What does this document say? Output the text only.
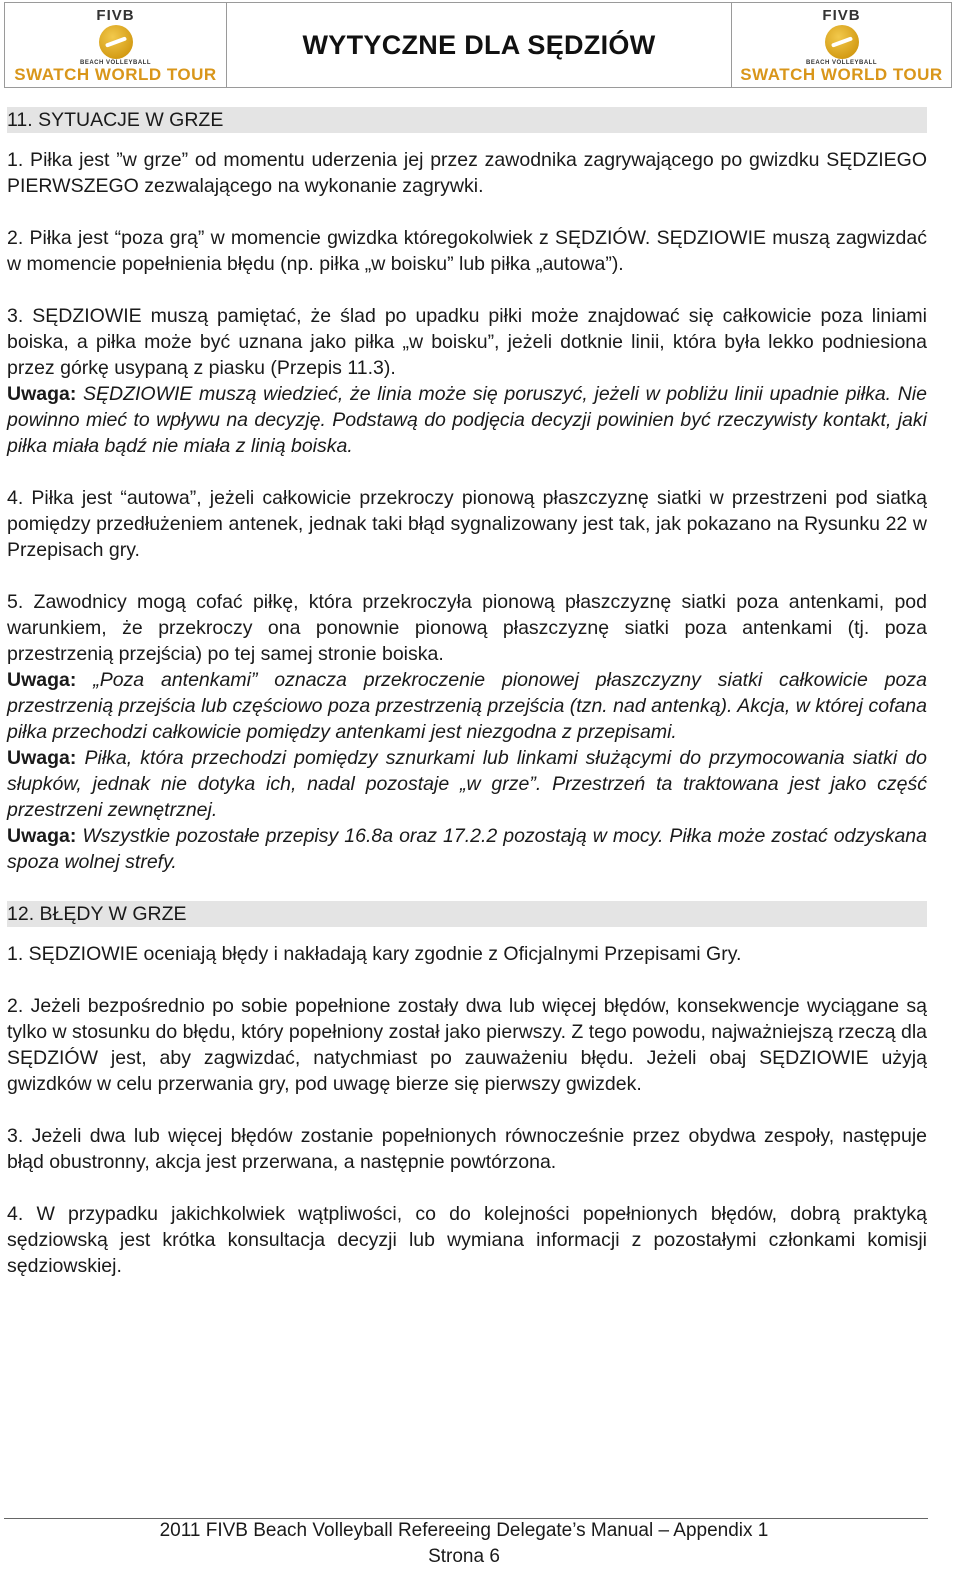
FIVB
BEACH VOLLEYBALL
SWATCH WORLD TOUR
WYTYCZNE DLA SĘDZIÓW
FIVB
BEACH VOLLEYBALL
SWATCH WORLD TOUR
11. SYTUACJE W GRZE

1. Piłka jest ”w grze” od momentu uderzenia jej przez zawodnika zagrywającego po gwizdku SĘDZIEGO PIERWSZEGO zezwalającego na wykonanie zagrywki.

2. Piłka jest “poza grą” w momencie gwizdka któregokolwiek z SĘDZIÓW. SĘDZIOWIE muszą zagwizdać w momencie popełnienia błędu (np. piłka „w boisku” lub piłka „autowa”).

3. SĘDZIOWIE muszą pamiętać, że ślad po upadku piłki może znajdować się całkowicie poza liniami boiska, a piłka może być uznana jako piłka „w boisku”, jeżeli dotknie linii, która była lekko podniesiona przez górkę usypaną z piasku (Przepis 11.3).

Uwaga: SĘDZIOWIE muszą wiedzieć, że linia może się poruszyć, jeżeli w pobliżu linii upadnie piłka. Nie powinno mieć to wpływu na decyzję. Podstawą do podjęcia decyzji powinien być rzeczywisty kontakt, jaki piłka miała bądź nie miała z linią boiska.

4. Piłka jest “autowa”, jeżeli całkowicie przekroczy pionową płaszczyznę siatki w przestrzeni pod siatką pomiędzy przedłużeniem antenek, jednak taki błąd sygnalizowany jest tak, jak pokazano na Rysunku 22 w Przepisach gry.

5. Zawodnicy mogą cofać piłkę, która przekroczyła pionową płaszczyznę siatki poza antenkami, pod warunkiem, że przekroczy ona ponownie pionową płaszczyznę siatki poza antenkami (tj. poza przestrzenią przejścia) po tej samej stronie boiska.

Uwaga: „Poza antenkami” oznacza przekroczenie pionowej płaszczyzny siatki całkowicie poza przestrzenią przejścia lub częściowo poza przestrzenią przejścia (tzn. nad antenką). Akcja, w której cofana piłka przechodzi całkowicie pomiędzy antenkami jest niezgodna z przepisami.

Uwaga: Piłka, która przechodzi pomiędzy sznurkami lub linkami służącymi do przymocowania siatki do słupków, jednak nie dotyka ich, nadal pozostaje „w grze”. Przestrzeń ta traktowana jest jako część przestrzeni zewnętrznej.

Uwaga: Wszystkie pozostałe przepisy 16.8a oraz 17.2.2 pozostają w mocy. Piłka może zostać odzyskana spoza wolnej strefy.

12. BŁĘDY W GRZE

1. SĘDZIOWIE oceniają błędy i nakładają kary zgodnie z Oficjalnymi Przepisami Gry.

2. Jeżeli bezpośrednio po sobie popełnione zostały dwa lub więcej błędów, konsekwencje wyciągane są tylko w stosunku do błędu, który popełniony został jako pierwszy. Z tego powodu, najważniejszą rzeczą dla SĘDZIÓW jest, aby zagwizdać, natychmiast po zauważeniu błędu. Jeżeli obaj SĘDZIOWIE użyją gwizdków w celu przerwania gry, pod uwagę bierze się pierwszy gwizdek.

3. Jeżeli dwa lub więcej błędów zostanie popełnionych równocześnie przez obydwa zespoły, następuje błąd obustronny, akcja jest przerwana, a następnie powtórzona.

4. W przypadku jakichkolwiek wątpliwości, co do kolejności popełnionych błędów, dobrą praktyką sędziowską jest krótka konsultacja decyzji lub wymiana informacji z pozostałymi członkami komisji sędziowskiej.

2011 FIVB Beach Volleyball Refereeing Delegate’s Manual – Appendix 1
Strona 6
